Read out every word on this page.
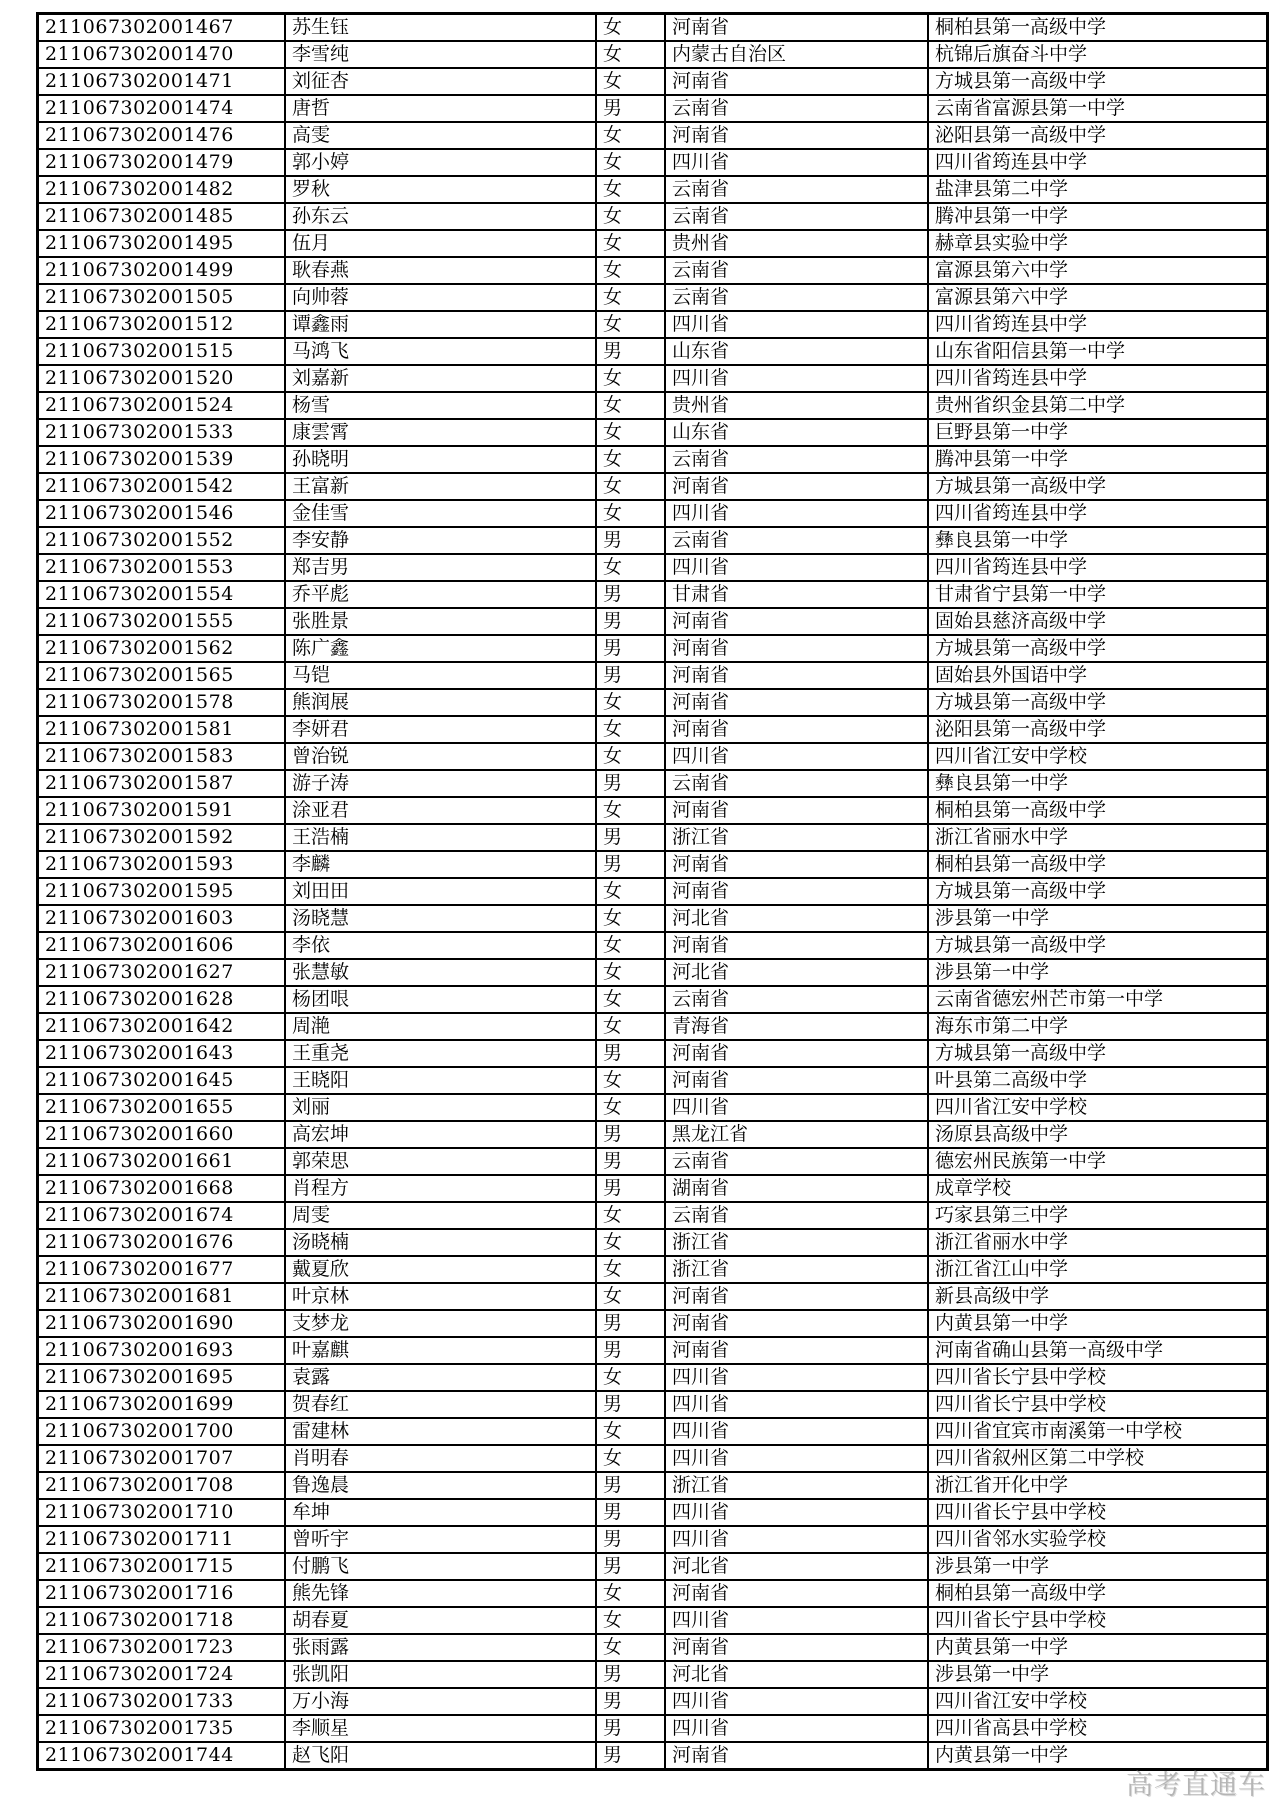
211067302001467	苏生钰	女	河南省	桐柏县第一高级中学
211067302001470	李雪纯	女	内蒙古自治区	杭锦后旗奋斗中学
211067302001471	刘征杏	女	河南省	方城县第一高级中学
211067302001474	唐哲	男	云南省	云南省富源县第一中学
211067302001476	高雯	女	河南省	泌阳县第一高级中学
211067302001479	郭小婷	女	四川省	四川省筠连县中学
211067302001482	罗秋	女	云南省	盐津县第二中学
211067302001485	孙东云	女	云南省	腾冲县第一中学
211067302001495	伍月	女	贵州省	赫章县实验中学
211067302001499	耿春燕	女	云南省	富源县第六中学
211067302001505	向帅蓉	女	云南省	富源县第六中学
211067302001512	谭鑫雨	女	四川省	四川省筠连县中学
211067302001515	马鸿飞	男	山东省	山东省阳信县第一中学
211067302001520	刘嘉新	女	四川省	四川省筠连县中学
211067302001524	杨雪	女	贵州省	贵州省织金县第二中学
211067302001533	康雲霄	女	山东省	巨野县第一中学
211067302001539	孙晓明	女	云南省	腾冲县第一中学
211067302001542	王富新	女	河南省	方城县第一高级中学
211067302001546	金佳雪	女	四川省	四川省筠连县中学
211067302001552	李安静	男	云南省	彝良县第一中学
211067302001553	郑吉男	女	四川省	四川省筠连县中学
211067302001554	乔平彪	男	甘肃省	甘肃省宁县第一中学
211067302001555	张胜景	男	河南省	固始县慈济高级中学
211067302001562	陈广鑫	男	河南省	方城县第一高级中学
211067302001565	马铠	男	河南省	固始县外国语中学
211067302001578	熊润展	女	河南省	方城县第一高级中学
211067302001581	李妍君	女	河南省	泌阳县第一高级中学
211067302001583	曾治锐	女	四川省	四川省江安中学校
211067302001587	游子涛	男	云南省	彝良县第一中学
211067302001591	涂亚君	女	河南省	桐柏县第一高级中学
211067302001592	王浩楠	男	浙江省	浙江省丽水中学
211067302001593	李麟	男	河南省	桐柏县第一高级中学
211067302001595	刘田田	女	河南省	方城县第一高级中学
211067302001603	汤晓慧	女	河北省	涉县第一中学
211067302001606	李依	女	河南省	方城县第一高级中学
211067302001627	张慧敏	女	河北省	涉县第一中学
211067302001628	杨团哏	女	云南省	云南省德宏州芒市第一中学
211067302001642	周滟	女	青海省	海东市第二中学
211067302001643	王重尧	男	河南省	方城县第一高级中学
211067302001645	王晓阳	女	河南省	叶县第二高级中学
211067302001655	刘丽	女	四川省	四川省江安中学校
211067302001660	高宏坤	男	黑龙江省	汤原县高级中学
211067302001661	郭荣思	男	云南省	德宏州民族第一中学
211067302001668	肖程方	男	湖南省	成章学校
211067302001674	周雯	女	云南省	巧家县第三中学
211067302001676	汤晓楠	女	浙江省	浙江省丽水中学
211067302001677	戴夏欣	女	浙江省	浙江省江山中学
211067302001681	叶京林	女	河南省	新县高级中学
211067302001690	支梦龙	男	河南省	内黄县第一中学
211067302001693	叶嘉麒	男	河南省	河南省确山县第一高级中学
211067302001695	袁露	女	四川省	四川省长宁县中学校
211067302001699	贺春红	男	四川省	四川省长宁县中学校
211067302001700	雷建林	女	四川省	四川省宜宾市南溪第一中学校
211067302001707	肖明春	女	四川省	四川省叙州区第二中学校
211067302001708	鲁逸晨	男	浙江省	浙江省开化中学
211067302001710	牟坤	男	四川省	四川省长宁县中学校
211067302001711	曾听宇	男	四川省	四川省邻水实验学校
211067302001715	付鹏飞	男	河北省	涉县第一中学
211067302001716	熊先锋	女	河南省	桐柏县第一高级中学
211067302001718	胡春夏	女	四川省	四川省长宁县中学校
211067302001723	张雨露	女	河南省	内黄县第一中学
211067302001724	张凯阳	男	河北省	涉县第一中学
211067302001733	万小海	男	四川省	四川省江安中学校
211067302001735	李顺星	男	四川省	四川省高县中学校
211067302001744	赵飞阳	男	河南省	内黄县第一中学
高考直通车
